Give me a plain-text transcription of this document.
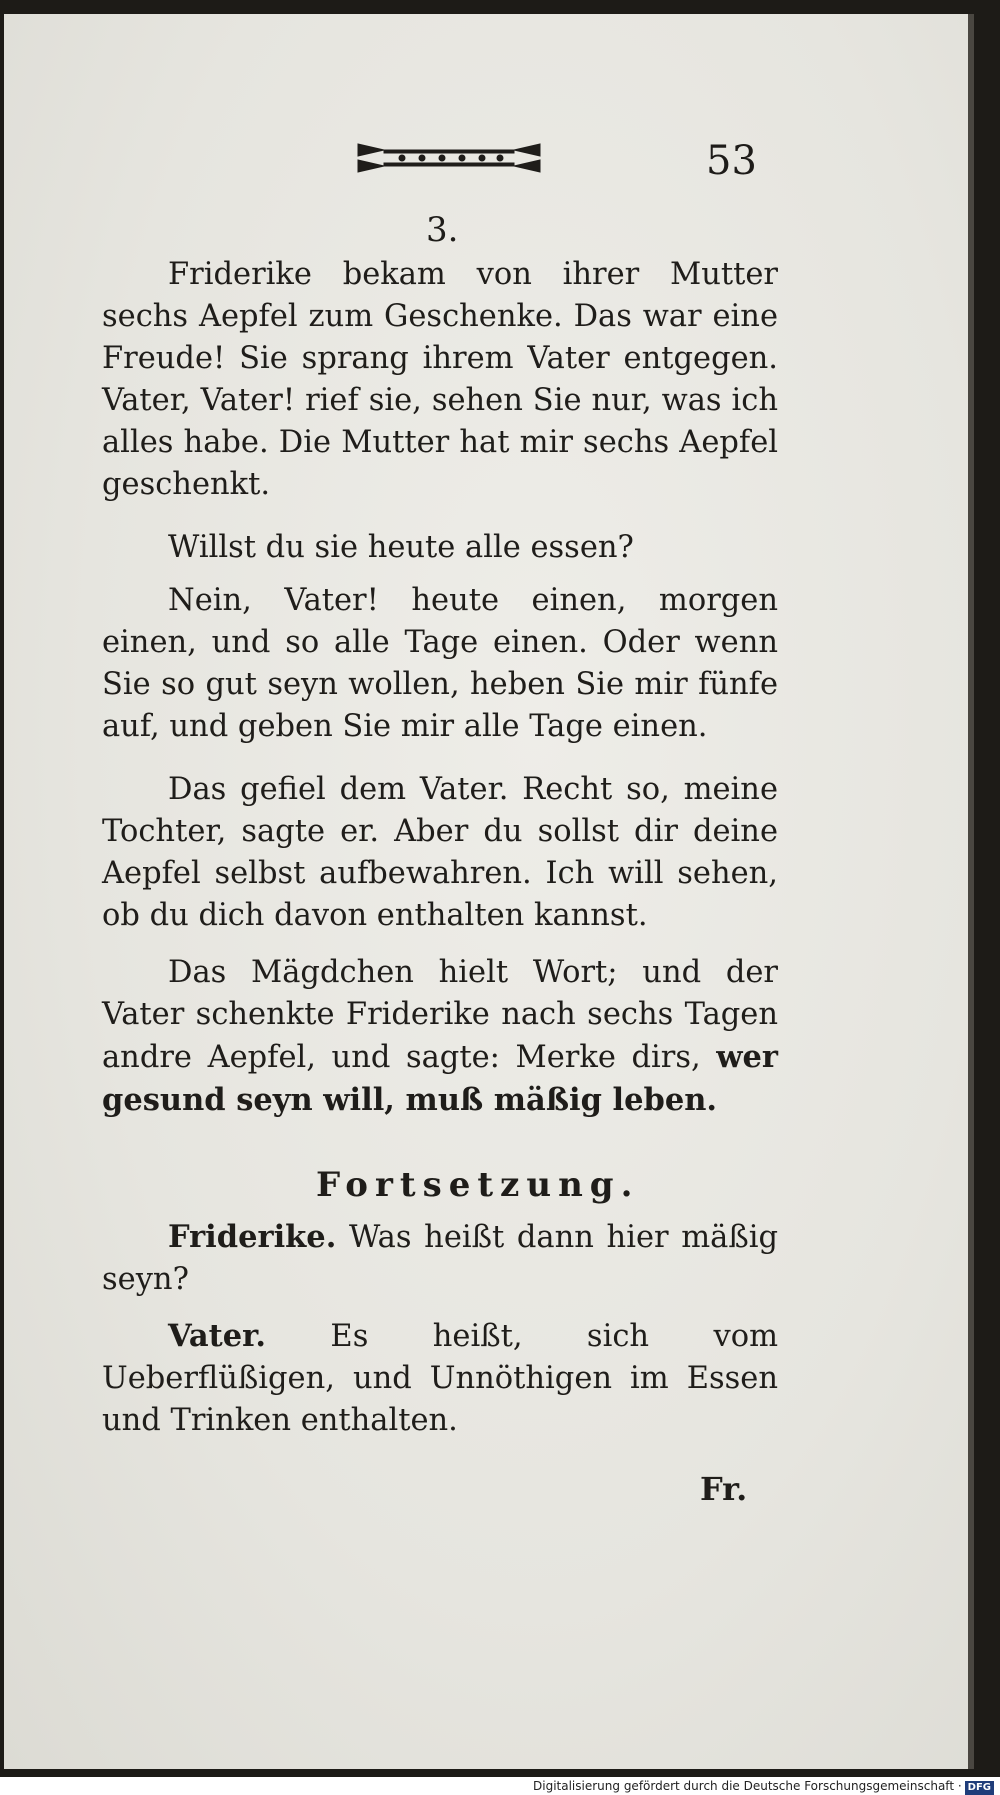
53
3.

Friderike bekam von ihrer Mutter sechs Aepfel zum Geschenke. Das war eine Freude! Sie sprang ihrem Vater entgegen. Vater, Vater! rief sie, sehen Sie nur, was ich alles habe. Die Mutter hat mir sechs Aepfel geschenkt.

Willst du sie heute alle essen?

Nein, Vater! heute einen, morgen einen, und so alle Tage einen. Oder wenn Sie so gut seyn wollen, heben Sie mir fünfe auf, und geben Sie mir alle Tage einen.

Das gefiel dem Vater. Recht so, meine Tochter, sagte er. Aber du sollst dir deine Aepfel selbst aufbewahren. Ich will sehen, ob du dich davon enthalten kannst.

Das Mägdchen hielt Wort; und der Vater schenkte Friderike nach sechs Tagen andre Aepfel, und sagte: Merke dirs, wer gesund seyn will, muß mäßig leben.

Fortsetzung.

Friderike. Was heißt dann hier mäßig seyn?

Vater. Es heißt, sich vom Ueberflüßigen, und Unnöthigen im Essen und Trinken enthalten.

Fr.
Digitalisierung gefördert durch die Deutsche Forschungsgemeinschaft · DFG
